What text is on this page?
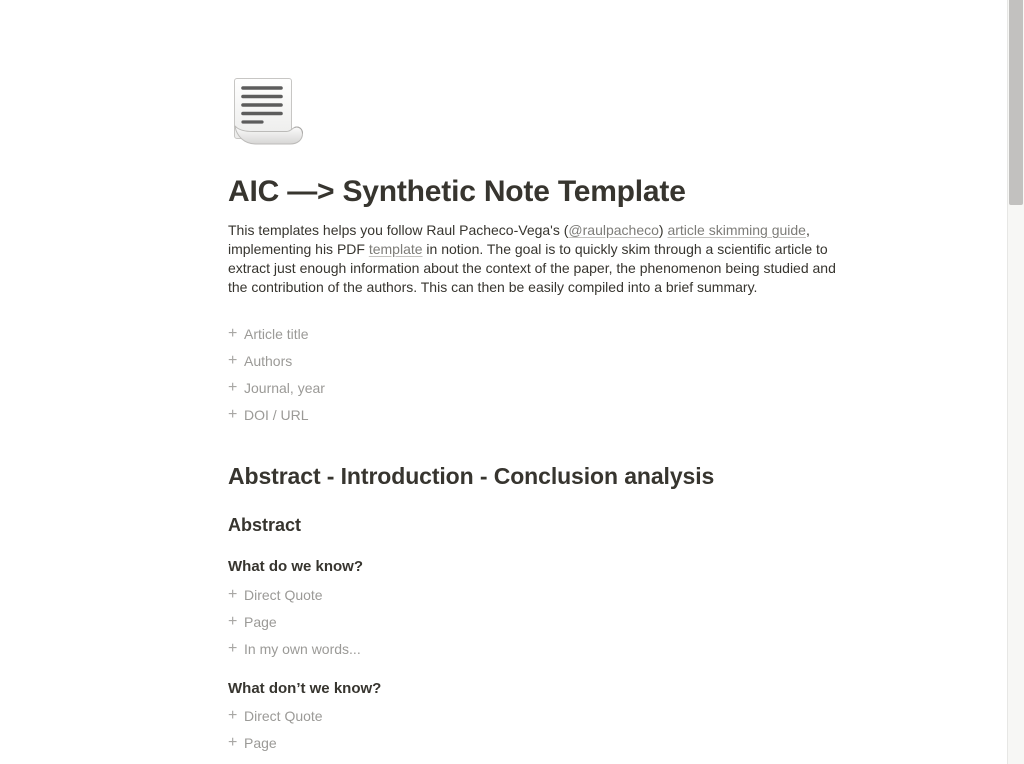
AIC —> Synthetic Note Template

This templates helps you follow Raul Pacheco-Vega's (@raulpacheco) article skimming guide,
implementing his PDF template in notion. The goal is to quickly skim through a scientific article to
extract just enough information about the context of the paper, the phenomenon being studied and
the contribution of the authors. This can then be easily compiled into a brief summary.

+
Article title
+
Authors
+
Journal, year
+
DOI / URL
Abstract - Introduction - Conclusion analysis
Abstract
What do we know?
+
Direct Quote
+
Page
+
In my own words...
What don’t we know?
+
Direct Quote
+
Page
